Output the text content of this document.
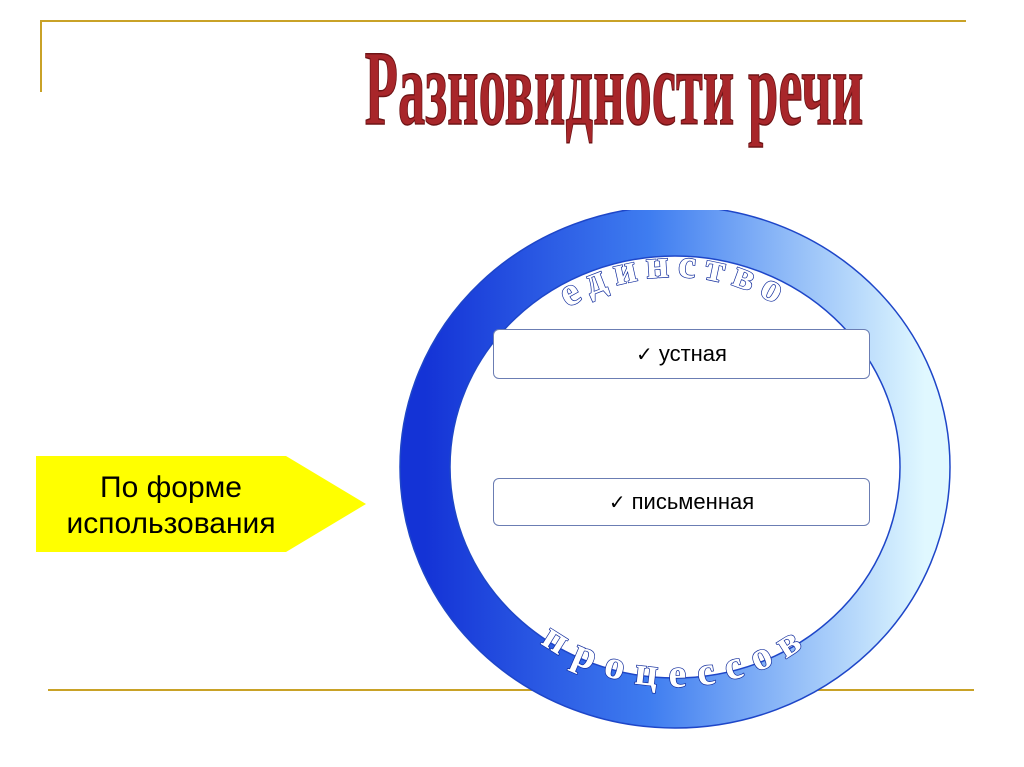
Разновидности речи
По форме использования
единство
процессов
✓ устная
✓ письменная
